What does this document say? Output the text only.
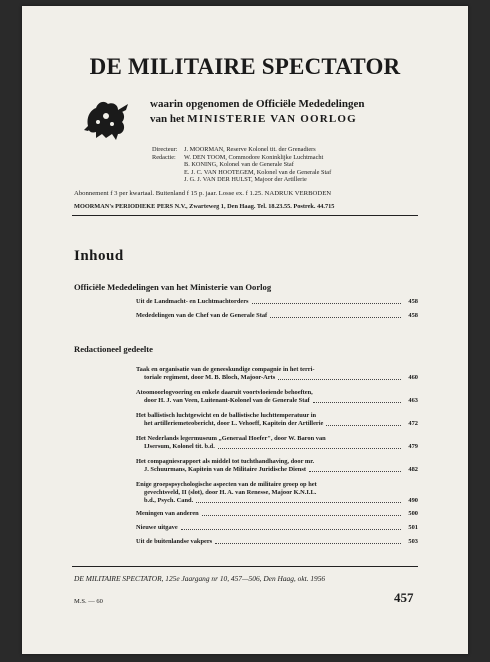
DE MILITAIRE SPECTATOR
waarin opgenomen de Officiële Mededelingen
van het MINISTERIE VAN OORLOG
Directeur:	J. MOORMAN, Reserve Kolonel tit. der Grenadiers
Redactie:	W. DEN TOOM, Commodore Koninklijke Luchtmacht
B. KONING, Kolonel van de Generale Staf
E. J. C. VAN HOOTEGEM, Kolonel van de Generale Staf
J. G. J. VAN DER HULST, Majoor der Artillerie
Abonnement f 3 per kwartaal. Buitenland f 15 p. jaar. Losse ex. f 1.25. NADRUK VERBODEN
MOORMAN's PERIODIEKE PERS N.V., Zwarteweg 1, Den Haag. Tel. 18.23.55. Postrek. 44.715
Inhoud
Officiële Mededelingen van het Ministerie van Oorlog
Uit de Landmacht- en Luchtmachtorders	458
Mededelingen van de Chef van de Generale Staf	458
Redactioneel gedeelte
Taak en organisatie van de geneeskundige compagnie in het terri-
toriale regiment, door M. B. Bloch, Majoor-Arts	460
Atoomoorlogvoering en enkele daaruit voortvloeiende behoeften,
door H. J. van Veen, Luitenant-Kolonel van de Generale Staf	463
Het ballistisch luchtgewicht en de ballistische luchttemperatuur in
het artilleriemeteobericht, door L. Vehoeff, Kapitein der Artillerie	472
Het Nederlands legermuseum „Generaal Hoefer", door W. Baron van
IJsersum, Kolonel tit. b.d.	479
Het compagniesrapport als middel tot tuchthandhaving, door mr.
J. Schuurmans, Kapitein van de Militaire Juridische Dienst	482
Enige groepspsychologische aspecten van de militaire groep op het
gevechtsveld, II (slot), door H. A. van Renesse, Majoor K.N.I.L.
b.d., Psych. Cand.	490
Meningen van anderen	500
Nieuwe uitgave	501
Uit de buitenlandse vakpers	503
DE MILITAIRE SPECTATOR, 125e Jaargang nr 10, 457—506, Den Haag, okt. 1956
M.S. — 60	457
